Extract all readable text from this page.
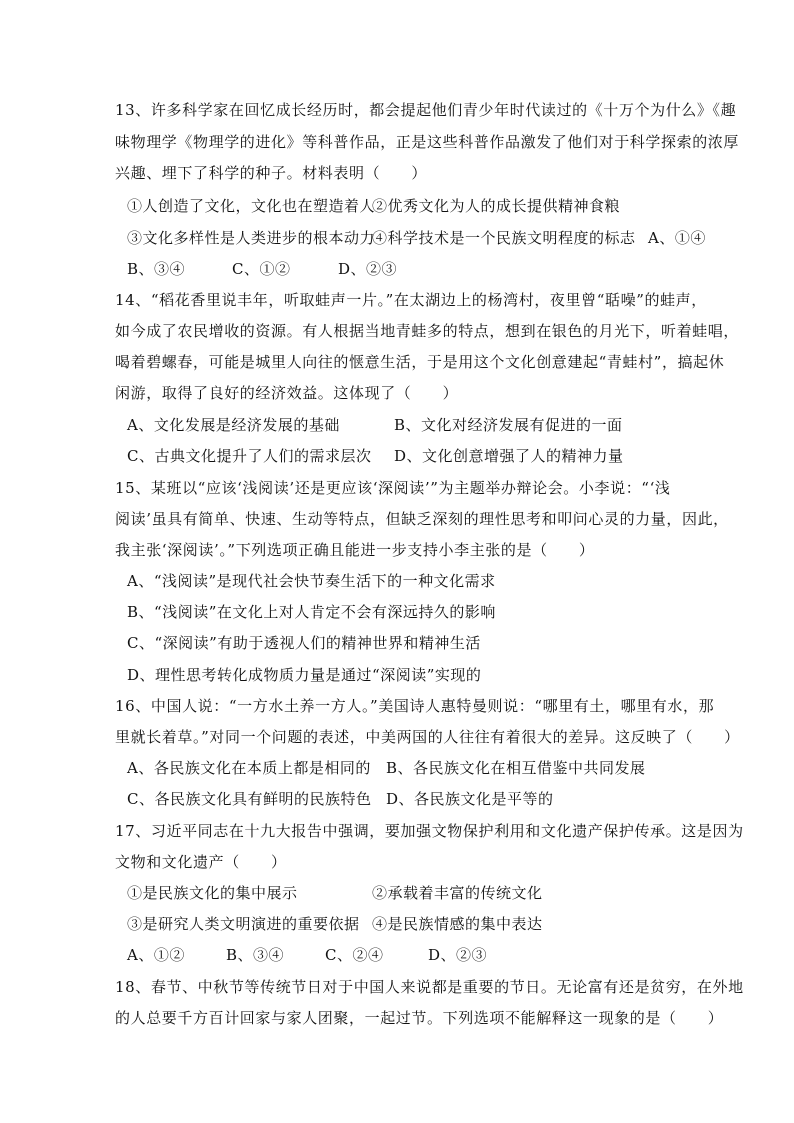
13、许多科学家在回忆成长经历时，都会提起他们青少年时代读过的《十万个为什么》《趣
味物理学《物理学的进化》等科普作品，正是这些科普作品激发了他们对于科学探索的浓厚
兴趣、埋下了科学的种子。材料表明（　　）
①人创造了文化，文化也在塑造着人
②优秀文化为人的成长提供精神食粮
③文化多样性是人类进步的根本动力
④科学技术是一个民族文明程度的标志 A、①④
B、③④	C、①②	D、②③
14、“稻花香里说丰年，听取蛙声一片。”在太湖边上的杨湾村，夜里曾“聒噪”的蛙声，
如今成了农民增收的资源。有人根据当地青蛙多的特点，想到在银色的月光下，听着蛙唱，
喝着碧螺春，可能是城里人向往的惬意生活，于是用这个文化创意建起“青蛙村”，搞起休
闲游，取得了良好的经济效益。这体现了（　　）
A、文化发展是经济发展的基础	B、文化对经济发展有促进的一面
C、古典文化提升了人们的需求层次 D、文化创意增强了人的精神力量
15、某班以“应该‘浅阅读’还是更应该‘深阅读’”为主题举办辩论会。小李说：“‘浅
阅读’虽具有简单、快速、生动等特点，但缺乏深刻的理性思考和叩问心灵的力量，因此，
我主张‘深阅读’。”下列选项正确且能进一步支持小李主张的是（　　）
A、“浅阅读”是现代社会快节奏生活下的一种文化需求
B、“浅阅读”在文化上对人肯定不会有深远持久的影响
C、“深阅读”有助于透视人们的精神世界和精神生活
D、理性思考转化成物质力量是通过“深阅读”实现的
16、中国人说：“一方水土养一方人。”美国诗人惠特曼则说：“哪里有土，哪里有水，那
里就长着草。”对同一个问题的表述，中美两国的人往往有着很大的差异。这反映了（　　）
A、各民族文化在本质上都是相同的 B、各民族文化在相互借鉴中共同发展
C、各民族文化具有鲜明的民族特色 D、各民族文化是平等的
17、习近平同志在十九大报告中强调，要加强文物保护利用和文化遗产保护传承。这是因为
文物和文化遗产（　　）
①是民族文化的集中展示	②承载着丰富的传统文化
③是研究人类文明演进的重要依据 ④是民族情感的集中表达
A、①②	B、③④	C、②④	D、②③
18、春节、中秋节等传统节日对于中国人来说都是重要的节日。无论富有还是贫穷，在外地
的人总要千方百计回家与家人团聚，一起过节。下列选项不能解释这一现象的是（　　）
